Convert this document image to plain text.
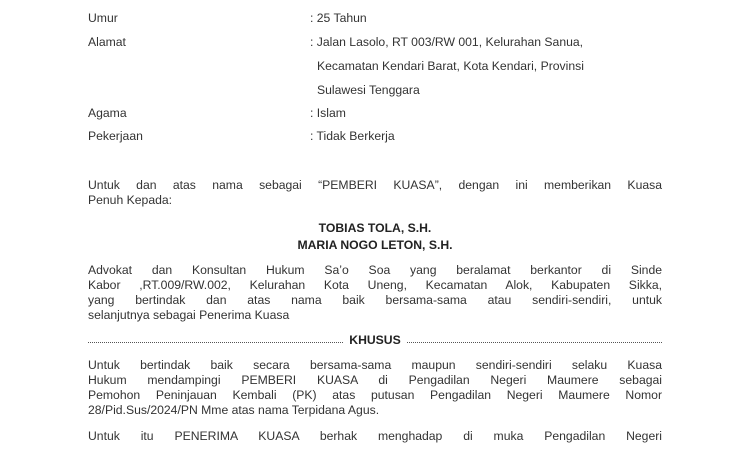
Umur	: 25 Tahun
Alamat	: Jalan Lasolo, RT 003/RW 001, Kelurahan Sanua,
Kecamatan Kendari Barat, Kota Kendari, Provinsi
Sulawesi Tenggara
Agama	: Islam
Pekerjaan	: Tidak Berkerja
Untuk dan atas nama sebagai “PEMBERI KUASA”, dengan ini memberikan Kuasa
Penuh Kepada:
TOBIAS TOLA, S.H.
MARIA NOGO LETON, S.H.
Advokat dan Konsultan Hukum Sa’o Soa yang beralamat berkantor di Sinde
Kabor ,RT.009/RW.002, Kelurahan Kota Uneng, Kecamatan Alok, Kabupaten Sikka,
yang bertindak dan atas nama baik bersama-sama atau sendiri-sendiri, untuk
selanjutnya sebagai Penerima Kuasa
KHUSUS
Untuk bertindak baik secara bersama-sama maupun sendiri-sendiri selaku Kuasa
Hukum mendampingi PEMBERI KUASA di Pengadilan Negeri Maumere sebagai
Pemohon Peninjauan Kembali (PK) atas putusan Pengadilan Negeri Maumere Nomor
28/Pid.Sus/2024/PN Mme atas nama Terpidana Agus.
Untuk itu PENERIMA KUASA berhak menghadap di muka Pengadilan Negeri
